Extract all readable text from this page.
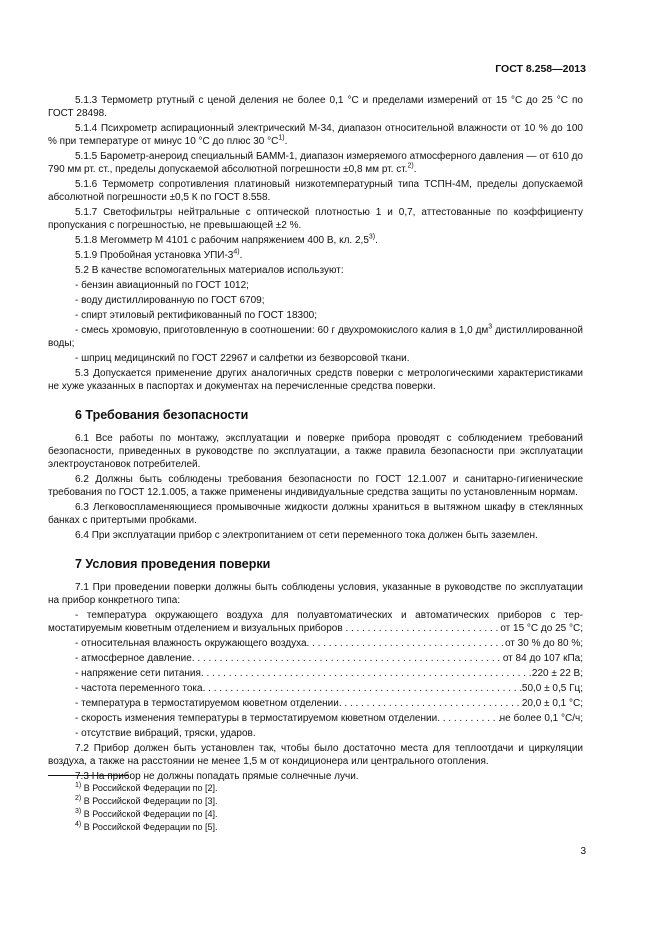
ГОСТ 8.258—2013

5.1.3 Термометр ртутный с ценой деления не более 0,1 °С и пределами измерений от 15 °С до 25 °С по ГОСТ 28498.

5.1.4 Психрометр аспирационный электрический М-34, диапазон относительной влажности от 10 % до 100 % при температуре от минус 10 °С до плюс 30 $^\circ С^{1)}$.

5.1.5 Барометр-анероид специальный БАММ-1, диапазон измеряемого атмосферного давления — от 610 до 790 мм рт. ст., пределы допускаемой абсолютной погрешности ±0,8 мм рт. ст.$^{2)}$.

5.1.6 Термометр сопротивления платиновый низкотемпературный типа ТСПН-4М, пределы допускаемой абсолютной погрешности ±0,5 К по ГОСТ 8.558.

5.1.7 Светофильтры нейтральные с оптической плотностью 1 и 0,7, аттестованные по коэффициенту пропускания с погрешностью, не превышающей ±2 %.

5.1.8 Мегомметр М 4101 с рабочим напряжением 400 В, кл. 2,5$^{3)}$.

5.1.9 Пробойная установка УПИ-3$^{4)}$.

5.2 В качестве вспомогательных материалов используют:

- бензин авиационный по ГОСТ 1012;

- воду дистиллированную по ГОСТ 6709;

- спирт этиловый ректификованный по ГОСТ 18300;

- смесь хромовую, приготовленную в соотношении: 60 г двухромокислого калия в 1,0 $дм^3$ дистиллированной воды;

- шприц медицинский по ГОСТ 22967 и салфетки из безворсовой ткани.

5.3 Допускается применение других аналогичных средств поверки с метрологическими характеристиками не хуже указанных в паспортах и документах на перечисленные средства поверки.

6 Требования безопасности

6.1 Все работы по монтажу, эксплуатации и поверке прибора проводят с соблюдением требований безопасности, приведенных в руководстве по эксплуатации, а также правила безопасности при эксплуатации электроустановок потребителей.

6.2 Должны быть соблюдены требования безопасности по ГОСТ 12.1.007 и санитарно-гигиенические требования по ГОСТ 12.1.005, а также применены индивидуальные средства защиты по установленным нормам.

6.3 Легковоспламеняющиеся промывочные жидкости должны храниться в вытяжном шкафу в стеклянных банках с притертыми пробками.

6.4 При эксплуатации прибор с электропитанием от сети переменного тока должен быть заземлен.

7 Условия проведения поверки

7.1 При проведении поверки должны быть соблюдены условия, указанные в руководстве по эксплуатации на прибор конкретного типа:

- температура окружающего воздуха для полуавтоматических и автоматических приборов с тер-
мостатируемым кюветным отделением и визуальных приборов . . .	от 15 °С до 25 °С;
- относительная влажность окружающего воздуха . . .	от 30 % до 80 %;
- атмосферное давление . . .	от 84 до 107 кПа;
- напряжение сети питания . . .	220 ± 22 В;
- частота переменного тока . . .	50,0 ± 0,5 Гц;
- температура в термостатируемом кюветном отделении . . .	20,0 ± 0,1 °С;
- скорость изменения температуры в термостатируемом кюветном отделении . . .	не более 0,1 °С/ч;

- отсутствие вибраций, тряски, ударов.

7.2 Прибор должен быть установлен так, чтобы было достаточно места для теплоотдачи и циркуляции воздуха, а также на расстоянии не менее 1,5 м от кондиционера или центрального отопления.

7.3 На прибор не должны попадать прямые солнечные лучи.

$^{1)}$ В Российской Федерации по [2].

$^{2)}$ В Российской Федерации по [3].

$^{3)}$ В Российской Федерации по [4].

$^{4)}$ В Российской Федерации по [5].

3
